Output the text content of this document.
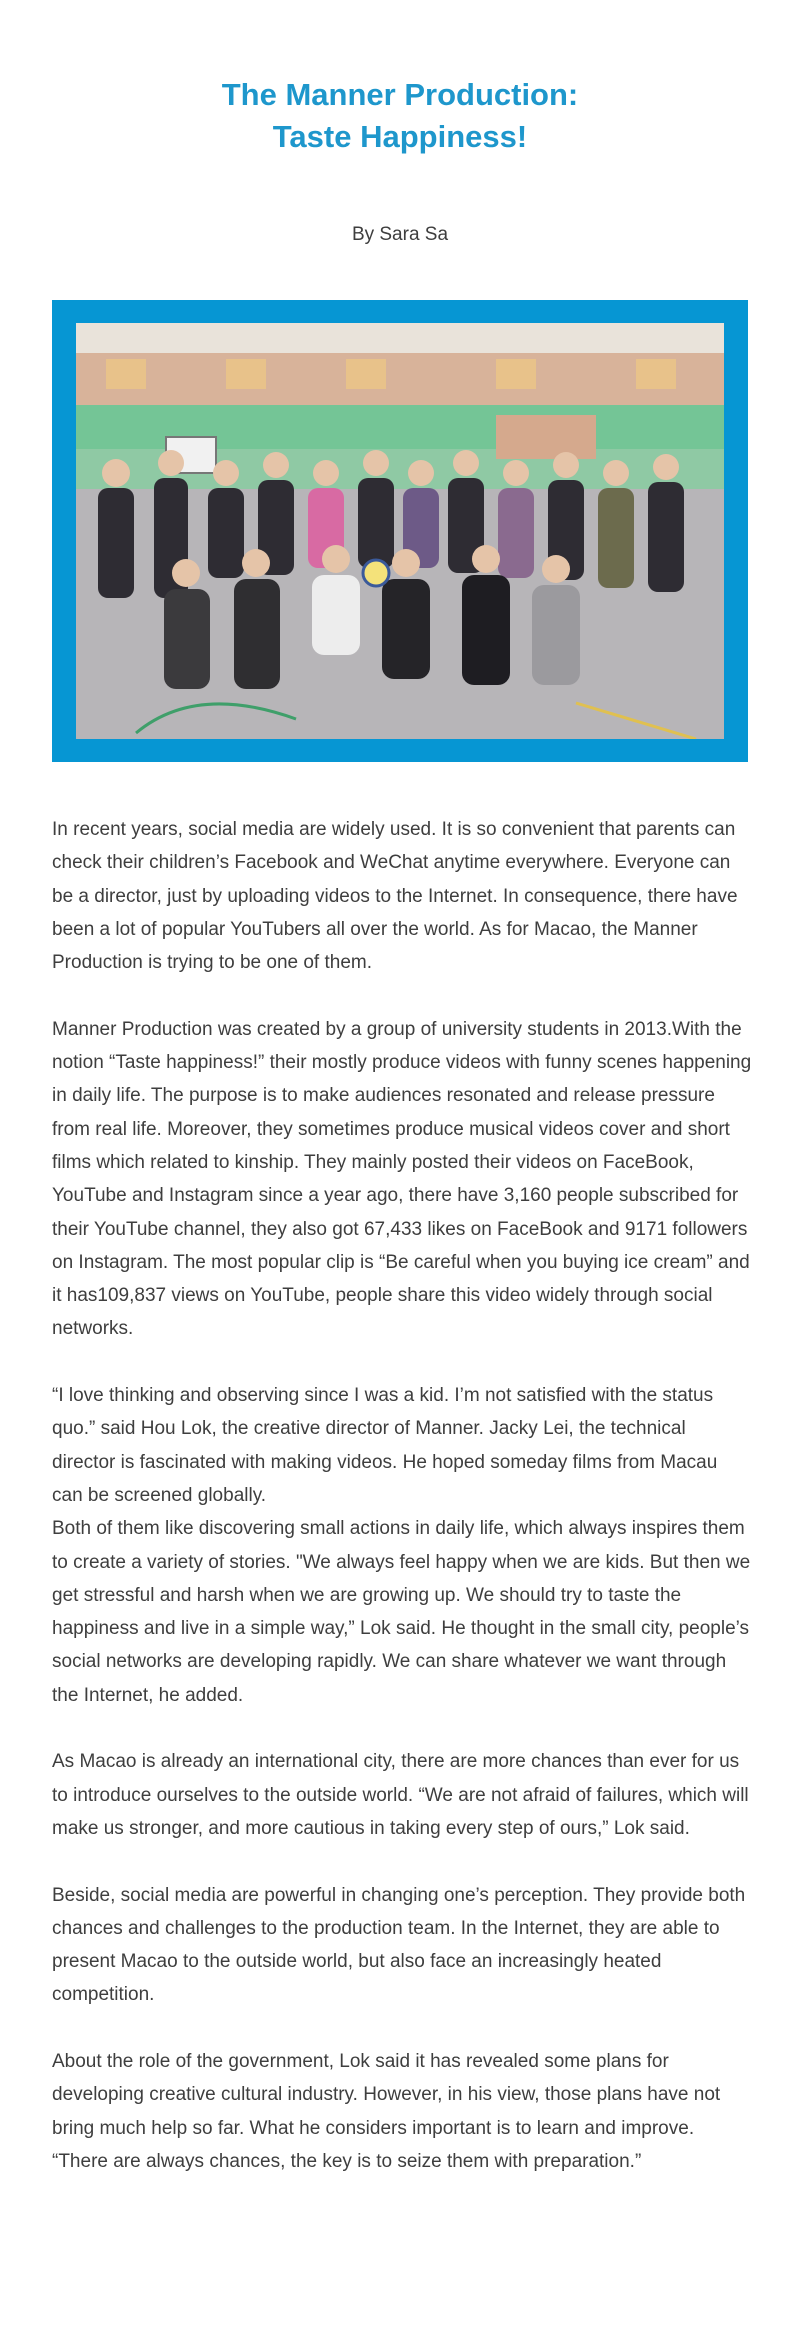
The Manner Production:
Taste Happiness!

By Sara Sa

In recent years, social media are widely used. It is so convenient that parents can check their children’s Facebook and WeChat anytime everywhere. Everyone can be a director, just by uploading videos to the Internet. In consequence, there have been a lot of popular YouTubers all over the world. As for Macao, the Manner Production is trying to be one of them.

Manner Production was created by a group of university students in 2013.With the notion “Taste happiness!” their mostly produce videos with funny scenes happening in daily life. The purpose is to make audiences resonated and release pressure from real life. Moreover, they sometimes produce musical videos cover and short films which related to kinship. They mainly posted their videos on FaceBook, YouTube and Instagram since a year ago, there have 3,160 people subscribed for their YouTube channel, they also got 67,433 likes on FaceBook and 9171 followers on Instagram. The most popular clip is “Be careful when you buying ice cream” and it has109,837 views on YouTube, people share this video widely through social networks.

“I love thinking and observing since I was a kid. I’m not satisfied with the status quo.” said Hou Lok, the creative director of Manner. Jacky Lei, the technical director is fascinated with making videos. He hoped someday films from Macau can be screened globally.

Both of them like discovering small actions in daily life, which always inspires them to create a variety of stories. "We always feel happy when we are kids. But then we get stressful and harsh when we are growing up. We should try to taste the happiness and live in a simple way,” Lok said. He thought in the small city, people’s social networks are developing rapidly. We can share whatever we want through the Internet, he added.

As Macao is already an international city, there are more chances than ever for us to introduce ourselves to the outside world. “We are not afraid of failures, which will make us stronger, and more cautious in taking every step of ours,” Lok said.

Beside, social media are powerful in changing one’s perception. They provide both chances and challenges to the production team. In the Internet, they are able to present Macao to the outside world, but also face an increasingly heated competition.

About the role of the government, Lok said it has revealed some plans for developing creative cultural industry. However, in his view, those plans have not bring much help so far. What he considers important is to learn and improve. “There are always chances, the key is to seize them with preparation.”
